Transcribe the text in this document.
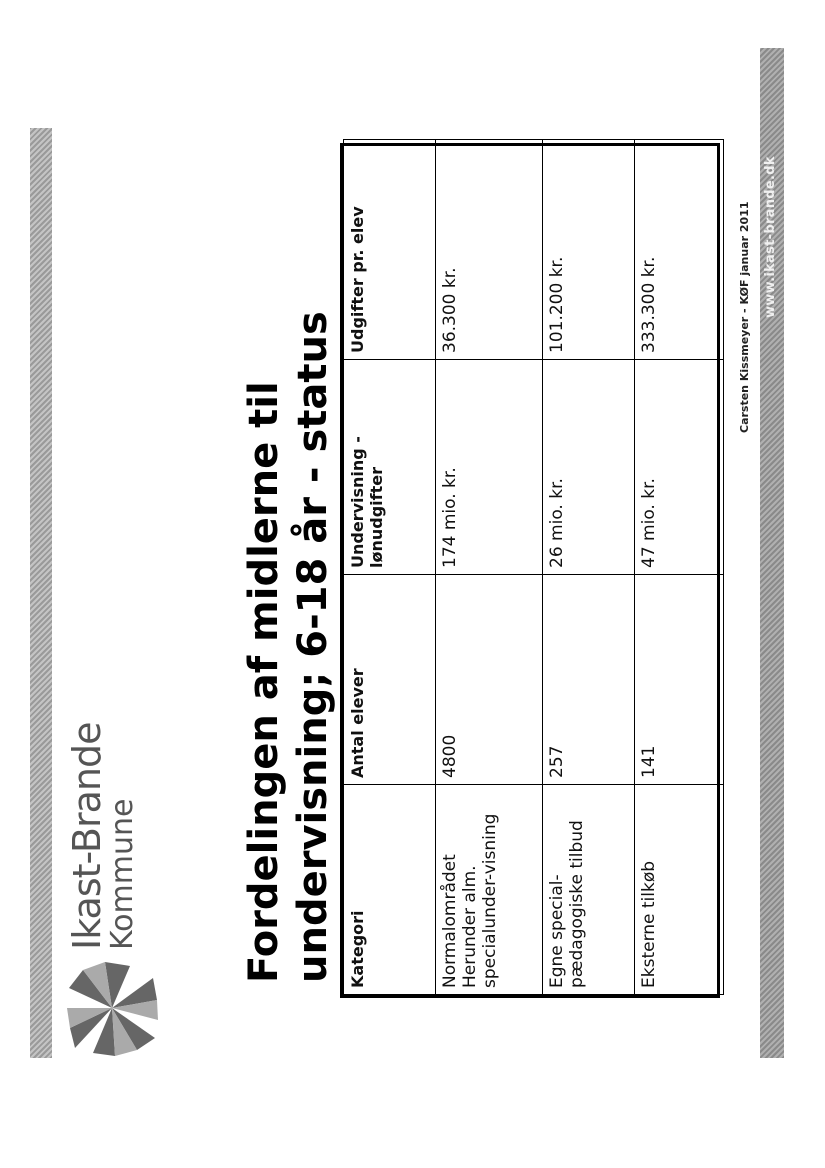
Ikast-Brande
Kommune	Fordelingen af midlerne til
undervisning; 6-18 år - status Kategori	Antal elever	Undervisning - lønudgifter	Udgifter pr. elev
Normalområdet Herunder alm. specialunder-visning	4800	174 mio. kr.	36.300 kr.
Egne special-pædagogiske tilbud	257	26 mio. kr.	101.200 kr.
Eksterne tilkøb	141	47 mio. kr.	333.300 kr.	Carsten Kissmeyer - KØF januar 2011 www.ikast-brande.dk
